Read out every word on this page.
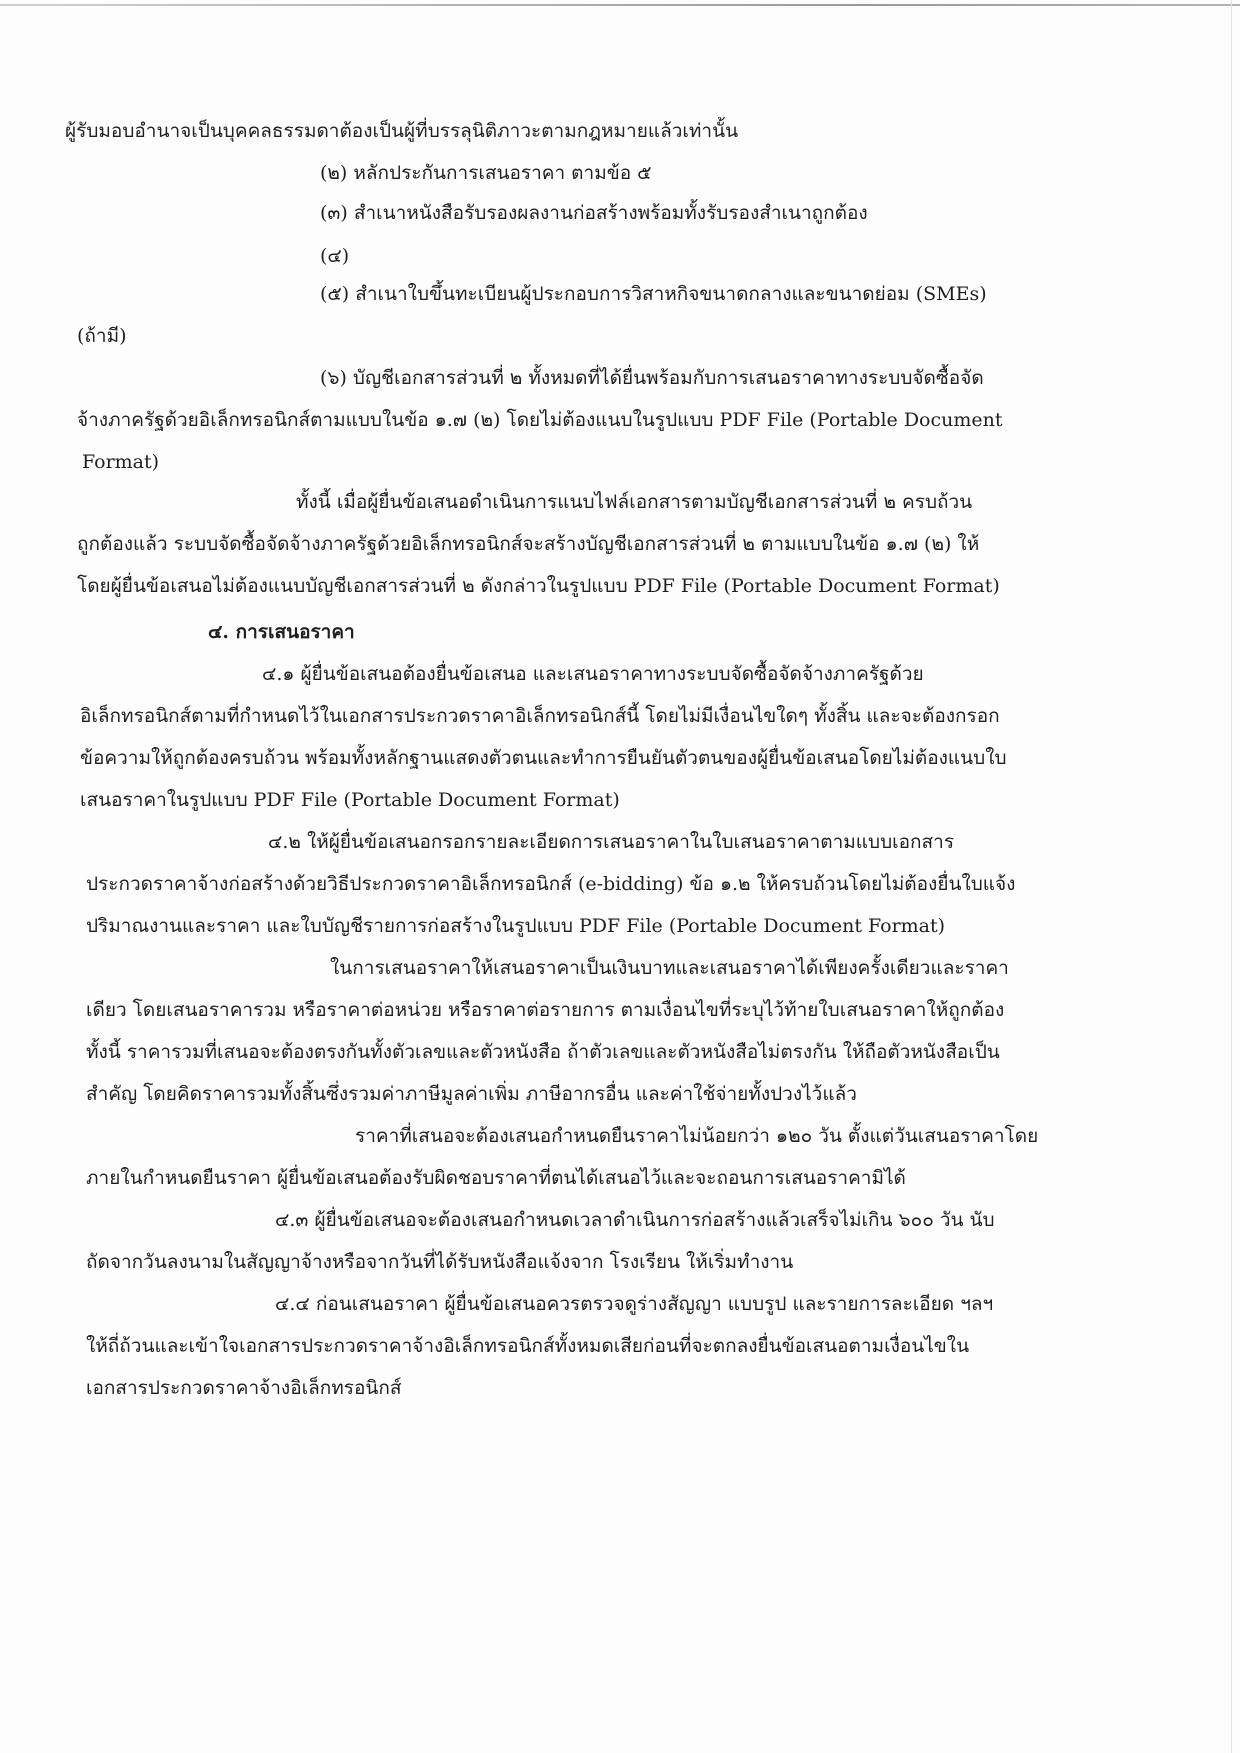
ผู้รับมอบอำนาจเป็นบุคคลธรรมดาต้องเป็นผู้ที่บรรลุนิติภาวะตามกฎหมายแล้วเท่านั้น
(๒) หลักประกันการเสนอราคา ตามข้อ ๕
(๓) สำเนาหนังสือรับรองผลงานก่อสร้างพร้อมทั้งรับรองสำเนาถูกต้อง
(๔)
(๕) สำเนาใบขึ้นทะเบียนผู้ประกอบการวิสาหกิจขนาดกลางและขนาดย่อม (SMEs)
(ถ้ามี)
(๖) บัญชีเอกสารส่วนที่ ๒ ทั้งหมดที่ได้ยื่นพร้อมกับการเสนอราคาทางระบบจัดซื้อจัด
จ้างภาครัฐด้วยอิเล็กทรอนิกส์ตามแบบในข้อ ๑.๗ (๒) โดยไม่ต้องแนบในรูปแบบ PDF File (Portable Document
Format)
ทั้งนี้ เมื่อผู้ยื่นข้อเสนอดำเนินการแนบไฟล์เอกสารตามบัญชีเอกสารส่วนที่ ๒ ครบถ้วน
ถูกต้องแล้ว ระบบจัดซื้อจัดจ้างภาครัฐด้วยอิเล็กทรอนิกส์จะสร้างบัญชีเอกสารส่วนที่ ๒ ตามแบบในข้อ ๑.๗ (๒) ให้
โดยผู้ยื่นข้อเสนอไม่ต้องแนบบัญชีเอกสารส่วนที่ ๒ ดังกล่าวในรูปแบบ PDF File (Portable Document Format)
๔. การเสนอราคา
๔.๑ ผู้ยื่นข้อเสนอต้องยื่นข้อเสนอ และเสนอราคาทางระบบจัดซื้อจัดจ้างภาครัฐด้วย
อิเล็กทรอนิกส์ตามที่กำหนดไว้ในเอกสารประกวดราคาอิเล็กทรอนิกส์นี้ โดยไม่มีเงื่อนไขใดๆ ทั้งสิ้น และจะต้องกรอก
ข้อความให้ถูกต้องครบถ้วน พร้อมทั้งหลักฐานแสดงตัวตนและทำการยืนยันตัวตนของผู้ยื่นข้อเสนอโดยไม่ต้องแนบใบ
เสนอราคาในรูปแบบ PDF File (Portable Document Format)
๔.๒ ให้ผู้ยื่นข้อเสนอกรอกรายละเอียดการเสนอราคาในใบเสนอราคาตามแบบเอกสาร
ประกวดราคาจ้างก่อสร้างด้วยวิธีประกวดราคาอิเล็กทรอนิกส์ (e-bidding) ข้อ ๑.๒ ให้ครบถ้วนโดยไม่ต้องยื่นใบแจ้ง
ปริมาณงานและราคา และใบบัญชีรายการก่อสร้างในรูปแบบ PDF File (Portable Document Format)
ในการเสนอราคาให้เสนอราคาเป็นเงินบาทและเสนอราคาได้เพียงครั้งเดียวและราคา
เดียว โดยเสนอราคารวม หรือราคาต่อหน่วย หรือราคาต่อรายการ ตามเงื่อนไขที่ระบุไว้ท้ายใบเสนอราคาให้ถูกต้อง
ทั้งนี้ ราคารวมที่เสนอจะต้องตรงกันทั้งตัวเลขและตัวหนังสือ ถ้าตัวเลขและตัวหนังสือไม่ตรงกัน ให้ถือตัวหนังสือเป็น
สำคัญ โดยคิดราคารวมทั้งสิ้นซึ่งรวมค่าภาษีมูลค่าเพิ่ม ภาษีอากรอื่น และค่าใช้จ่ายทั้งปวงไว้แล้ว
ราคาที่เสนอจะต้องเสนอกำหนดยืนราคาไม่น้อยกว่า ๑๒๐ วัน ตั้งแต่วันเสนอราคาโดย
ภายในกำหนดยืนราคา ผู้ยื่นข้อเสนอต้องรับผิดชอบราคาที่ตนได้เสนอไว้และจะถอนการเสนอราคามิได้
๔.๓ ผู้ยื่นข้อเสนอจะต้องเสนอกำหนดเวลาดำเนินการก่อสร้างแล้วเสร็จไม่เกิน ๖๐๐ วัน นับ
ถัดจากวันลงนามในสัญญาจ้างหรือจากวันที่ได้รับหนังสือแจ้งจาก โรงเรียน ให้เริ่มทำงาน
๔.๔ ก่อนเสนอราคา ผู้ยื่นข้อเสนอควรตรวจดูร่างสัญญา แบบรูป และรายการละเอียด ฯลฯ
ให้ถี่ถ้วนและเข้าใจเอกสารประกวดราคาจ้างอิเล็กทรอนิกส์ทั้งหมดเสียก่อนที่จะตกลงยื่นข้อเสนอตามเงื่อนไขใน
เอกสารประกวดราคาจ้างอิเล็กทรอนิกส์
